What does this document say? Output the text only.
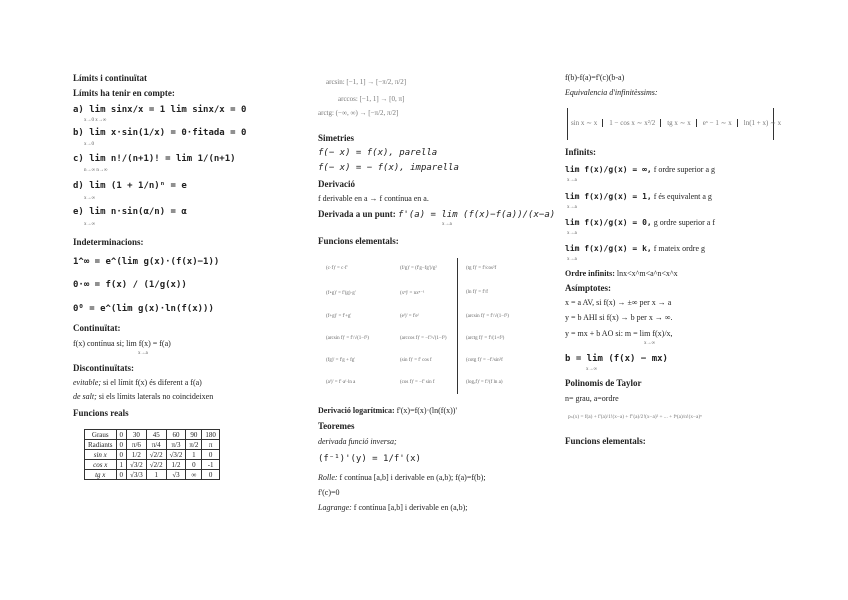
Límits i continuïtat
Límits ha tenir en compte:
a) lim sinx/x = 1 lim sinx/x = 0
x→0 x→∞
b) lim x·sin(1/x) = 0·fitada = 0
x→0
c) lim n!/(n+1)! = lim 1/(n+1)
n→∞ n→∞
d) lim (1 + 1/n)ⁿ = e
x→∞
e) lim n·sin(α/n) = α
x→∞
Indeterminacions:
1^∞ = e^(lim g(x)·(f(x)−1))
0·∞ = f(x) / (1/g(x))
0⁰ = e^(lim g(x)·ln(f(x)))
Continuïtat:
f(x) contínua si; lim f(x) = f(a)
x→a
Discontinuïtats:
evitable; si el límit f(x) és diferent a f(a)
de salt; si els límits laterals no coincideixen
Funcions reals
Graus	0	30	45	60	90	180
Radiants	0	π/6	π/4	π/3	π/2	π
sin x	0	1/2	√2/2	√3/2	1	0
cos x	1	√3/2	√2/2	1/2	0	-1
tg x	0	√3/3	1	√3	∞	0
arcsin: [−1, 1] → [−π/2, π/2]
arccos: [−1, 1] → [0, π]
arctg: (−∞, ∞) → [−π/2, π/2]
Simetries
f(− x) = f(x), parella
f(− x) = − f(x), imparella
Derivació
f derivable en a → f contínua en a.
Derivada a un punt: f'(a) = lim (f(x)−f(a))/(x−a)
x→a
Funcions elementals:
(c·f)' = c·f'	(f/g)' = (f'g−fg')/g²	(tg f)' = f'/cos²f
(f∘g)' = f'(g)·g'	(xⁿ)' = nxⁿ⁻¹	(ln f)' = f'/f
(f+g)' = f'+g'	(eᶠ)' = f'eᶠ	(arcsin f)' = f'/√(1−f²)
(arcsin f)' = f'/√(1−f²)	(arccos f)' = −f'/√(1−f²)	(arctg f)' = f'/(1+f²)
(fg)' = f'g + fg'	(sin f)' = f' cos f	(cotg f)' = −f'/sin²f
(aᶠ)' = f'·aᶠ·ln a	(cos f)' = −f' sin f	(logₐf)' = f'/(f ln a)
Derivació logarítmica: f'(x)=f(x)·(ln(f(x))'
Teoremes
derivada funció inversa;
(f⁻¹)'(y) = 1/f'(x)
Rolle: f contínua [a,b] i derivable en (a,b); f(a)=f(b);
f'(c)=0
Lagrange: f contínua [a,b] i derivable en (a,b);
f(b)-f(a)=f'(c)(b-a)
Equivalencia d'infinitèssims:
sin x ∼ x 1 − cos x ∼ x²/2 tg x ∼ x eˣ − 1 ∼ x ln(1 + x) ∼ x
Infinits:
lim f(x)/g(x) = ∞, f ordre superior a g
x→a
lim f(x)/g(x) = 1, f és equivalent a g
x→a
lim f(x)/g(x) = 0, g ordre superior a f
x→a
lim f(x)/g(x) = k, f mateix ordre g
x→a
Ordre infinits: lnx<x^m<a^n<x^x
Asímptotes:
x = a AV, si f(x) → ±∞ per x → a
y = b AHI si f(x) → b per x → ∞.
y = mx + b AO si: m = lim f(x)/x,
x→∞
b = lim (f(x) − mx)
x→∞
Polinomis de Taylor
n= grau, a=ordre
pₙ(x) = f(a) + f'(a)/1!(x−a) + f''(a)/2!(x−a)² + ... + fⁿ(a)/n!(x−a)ⁿ
Funcions elementals:
